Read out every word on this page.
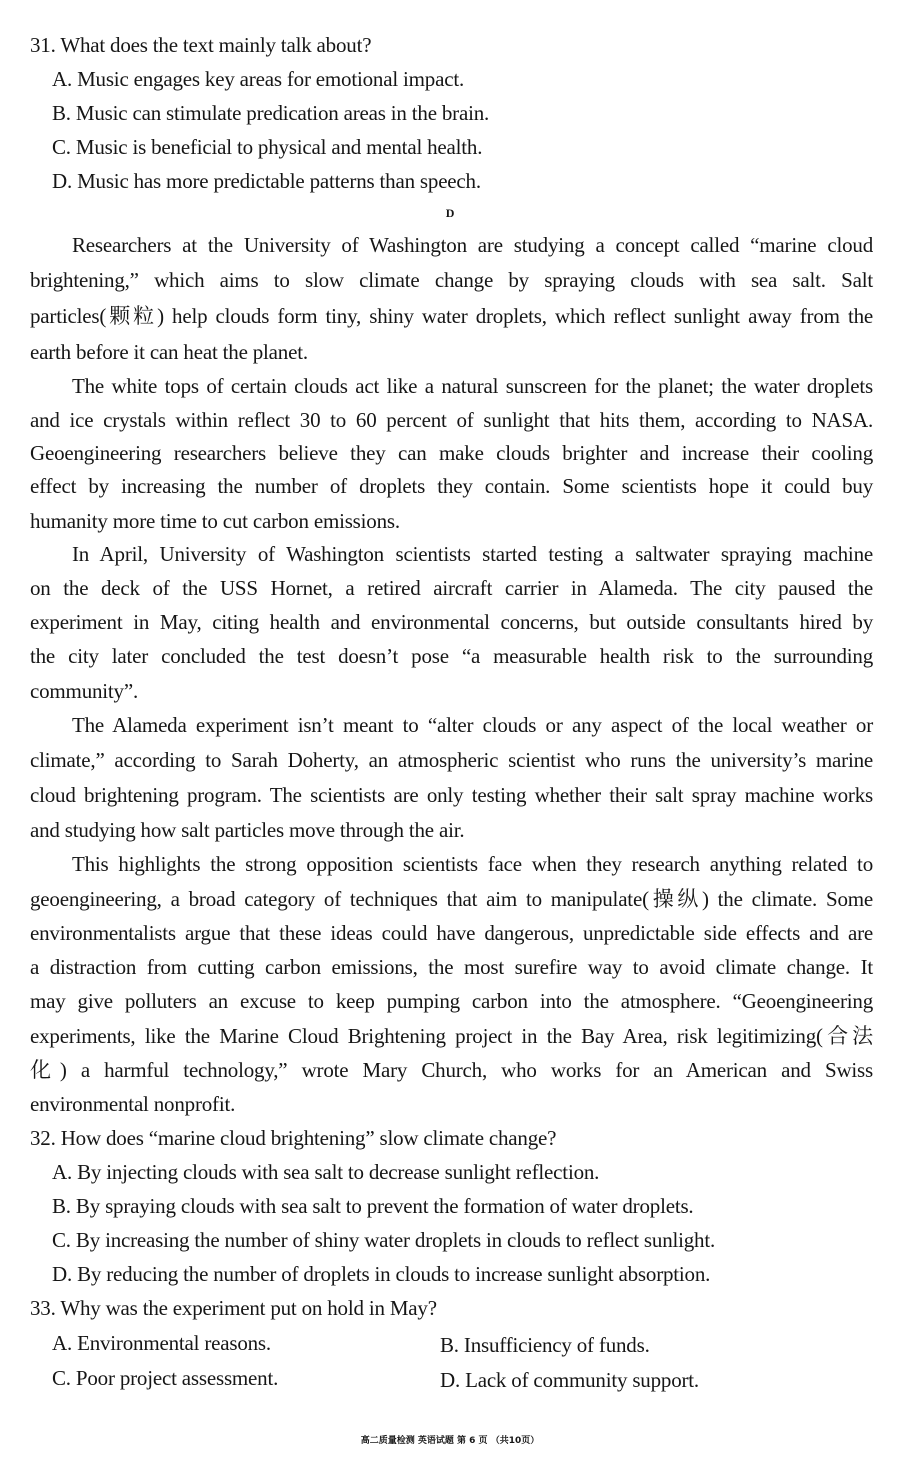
31. What does the text mainly talk about?
A. Music engages key areas for emotional impact.
B. Music can stimulate predication areas in the brain.
C. Music is beneficial to physical and mental health.
D. Music has more predictable patterns than speech.
D
Researchers at the University of Washington are studying a concept called “marine cloud
brightening,” which aims to slow climate change by spraying clouds with sea salt. Salt
particles(颗粒) help clouds form tiny, shiny water droplets, which reflect sunlight away from the
earth before it can heat the planet.
The white tops of certain clouds act like a natural sunscreen for the planet; the water droplets
and ice crystals within reflect 30 to 60 percent of sunlight that hits them, according to NASA.
Geoengineering researchers believe they can make clouds brighter and increase their cooling
effect by increasing the number of droplets they contain. Some scientists hope it could buy
humanity more time to cut carbon emissions.
In April, University of Washington scientists started testing a saltwater spraying machine
on the deck of the USS Hornet, a retired aircraft carrier in Alameda. The city paused the
experiment in May, citing health and environmental concerns, but outside consultants hired by
the city later concluded the test doesn’t pose “a measurable health risk to the surrounding
community”.
The Alameda experiment isn’t meant to “alter clouds or any aspect of the local weather or
climate,” according to Sarah Doherty, an atmospheric scientist who runs the university’s marine
cloud brightening program. The scientists are only testing whether their salt spray machine works
and studying how salt particles move through the air.
This highlights the strong opposition scientists face when they research anything related to
geoengineering, a broad category of techniques that aim to manipulate(操纵) the climate. Some
environmentalists argue that these ideas could have dangerous, unpredictable side effects and are
a distraction from cutting carbon emissions, the most surefire way to avoid climate change. It
may give polluters an excuse to keep pumping carbon into the atmosphere. “Geoengineering
experiments, like the Marine Cloud Brightening project in the Bay Area, risk legitimizing(合法
化) a harmful technology,” wrote Mary Church, who works for an American and Swiss
environmental nonprofit.
32. How does “marine cloud brightening” slow climate change?
A. By injecting clouds with sea salt to decrease sunlight reflection.
B. By spraying clouds with sea salt to prevent the formation of water droplets.
C. By increasing the number of shiny water droplets in clouds to reflect sunlight.
D. By reducing the number of droplets in clouds to increase sunlight absorption.
33. Why was the experiment put on hold in May?
A. Environmental reasons.	B. Insufficiency of funds.
C. Poor project assessment.	D. Lack of community support.
高二质量检测 英语试题 第 6 页 （共10页）
